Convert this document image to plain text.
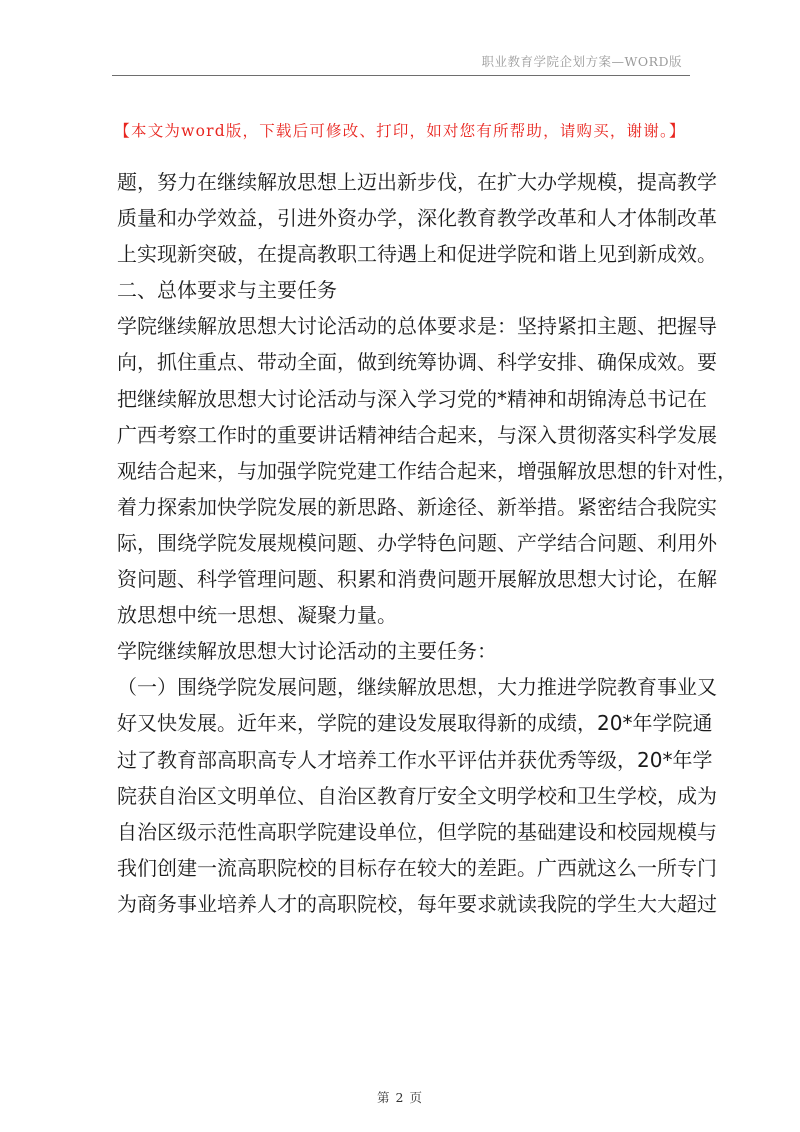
职业教育学院企划方案—WORD版
【本文为word版，下载后可修改、打印，如对您有所帮助，请购买，谢谢。】

题，努力在继续解放思想上迈出新步伐，在扩大办学规模，提高教学

质量和办学效益，引进外资办学，深化教育教学改革和人才体制改革

上实现新突破，在提高教职工待遇上和促进学院和谐上见到新成效。

二、总体要求与主要任务

学院继续解放思想大讨论活动的总体要求是：坚持紧扣主题、把握导

向，抓住重点、带动全面，做到统筹协调、科学安排、确保成效。要

把继续解放思想大讨论活动与深入学习党的*精神和胡锦涛总书记在

广西考察工作时的重要讲话精神结合起来，与深入贯彻落实科学发展

观结合起来，与加强学院党建工作结合起来，增强解放思想的针对性，

着力探索加快学院发展的新思路、新途径、新举措。紧密结合我院实

际，围绕学院发展规模问题、办学特色问题、产学结合问题、利用外

资问题、科学管理问题、积累和消费问题开展解放思想大讨论，在解

放思想中统一思想、凝聚力量。

学院继续解放思想大讨论活动的主要任务：

（一）围绕学院发展问题，继续解放思想，大力推进学院教育事业又

好又快发展。近年来，学院的建设发展取得新的成绩，20*年学院通

过了教育部高职高专人才培养工作水平评估并获优秀等级，20*年学

院获自治区文明单位、自治区教育厅安全文明学校和卫生学校，成为

自治区级示范性高职学院建设单位，但学院的基础建设和校园规模与

我们创建一流高职院校的目标存在较大的差距。广西就这么一所专门

为商务事业培养人才的高职院校，每年要求就读我院的学生大大超过

第 2 页
